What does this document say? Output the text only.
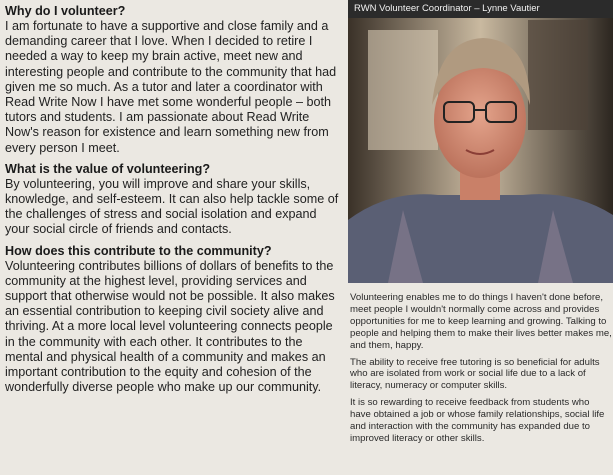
Why do I volunteer?

I am fortunate to have a supportive and close family and a demanding career that I love. When I decided to retire I needed a way to keep my brain active, meet new and interesting people and contribute to the community that had given me so much. As a tutor and later a coordinator with Read Write Now I have met some wonderful people – both tutors and students. I am passionate about Read Write Now's reason for existence and learn something new from every person I meet.

What is the value of volunteering?

By volunteering, you will improve and share your skills, knowledge, and self-esteem. It can also help tackle some of the challenges of stress and social isolation and expand your social circle of friends and contacts.

How does this contribute to the community?

Volunteering contributes billions of dollars of benefits to the community at the highest level, providing services and support that otherwise would not be possible. It also makes an essential contribution to keeping civil society alive and thriving. At a more local level volunteering connects people in the community with each other. It contributes to the mental and physical health of a community and makes an important contribution to the equity and cohesion of the wonderfully diverse people who make up our community.

RWN Volunteer Coordinator – Lynne Vautier

Volunteering enables me to do things I haven't done before, meet people I wouldn't normally come across and provides opportunities for me to keep learning and growing. Talking to people and helping them to make their lives better makes me, and them, happy.

The ability to receive free tutoring is so beneficial for adults who are isolated from work or social life due to a lack of literacy, numeracy or computer skills.

It is so rewarding to receive feedback from students who have obtained a job or whose family relationships, social life and interaction with the community has expanded due to improved literacy or other skills.
